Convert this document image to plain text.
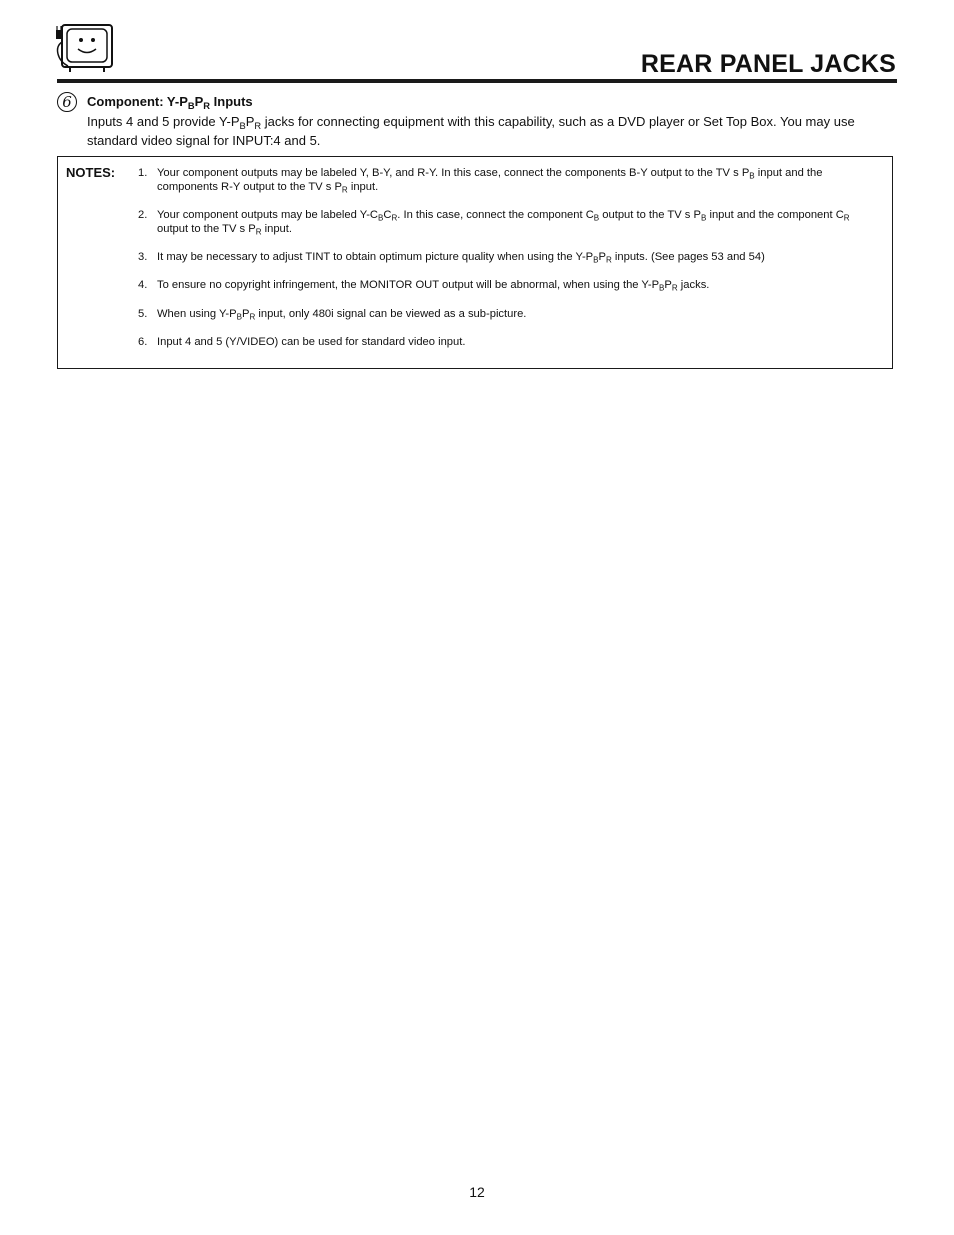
REAR PANEL JACKS
6	Component: $Y-P_BP_R$ Inputs
Inputs 4 and 5 provide $Y-P_BP_R$ jacks for connecting equipment with this capability, such as a DVD player or Set Top Box. You may use standard video signal for INPUT:4 and 5.
NOTES: 1. Your component outputs may be labeled Y, B-Y, and R-Y. In this case, connect the components B-Y output to the TV s $P_B$ input and the components R-Y output to the TV s $P_R$ input.
2. Your component outputs may be labeled $Y-C_BC_R$. In this case, connect the component $C_B$ output to the TV s $P_B$ input and the component $C_R$ output to the TV s $P_R$ input.
3. It may be necessary to adjust TINT to obtain optimum picture quality when using the $Y-P_BP_R$ inputs. (See pages 53 and 54)
4. To ensure no copyright infringement, the MONITOR OUT output will be abnormal, when using the $Y-P_BP_R$ jacks.
5. When using $Y-P_BP_R$ input, only 480i signal can be viewed as a sub-picture.
6. Input 4 and 5 (Y/VIDEO) can be used for standard video input.
12
